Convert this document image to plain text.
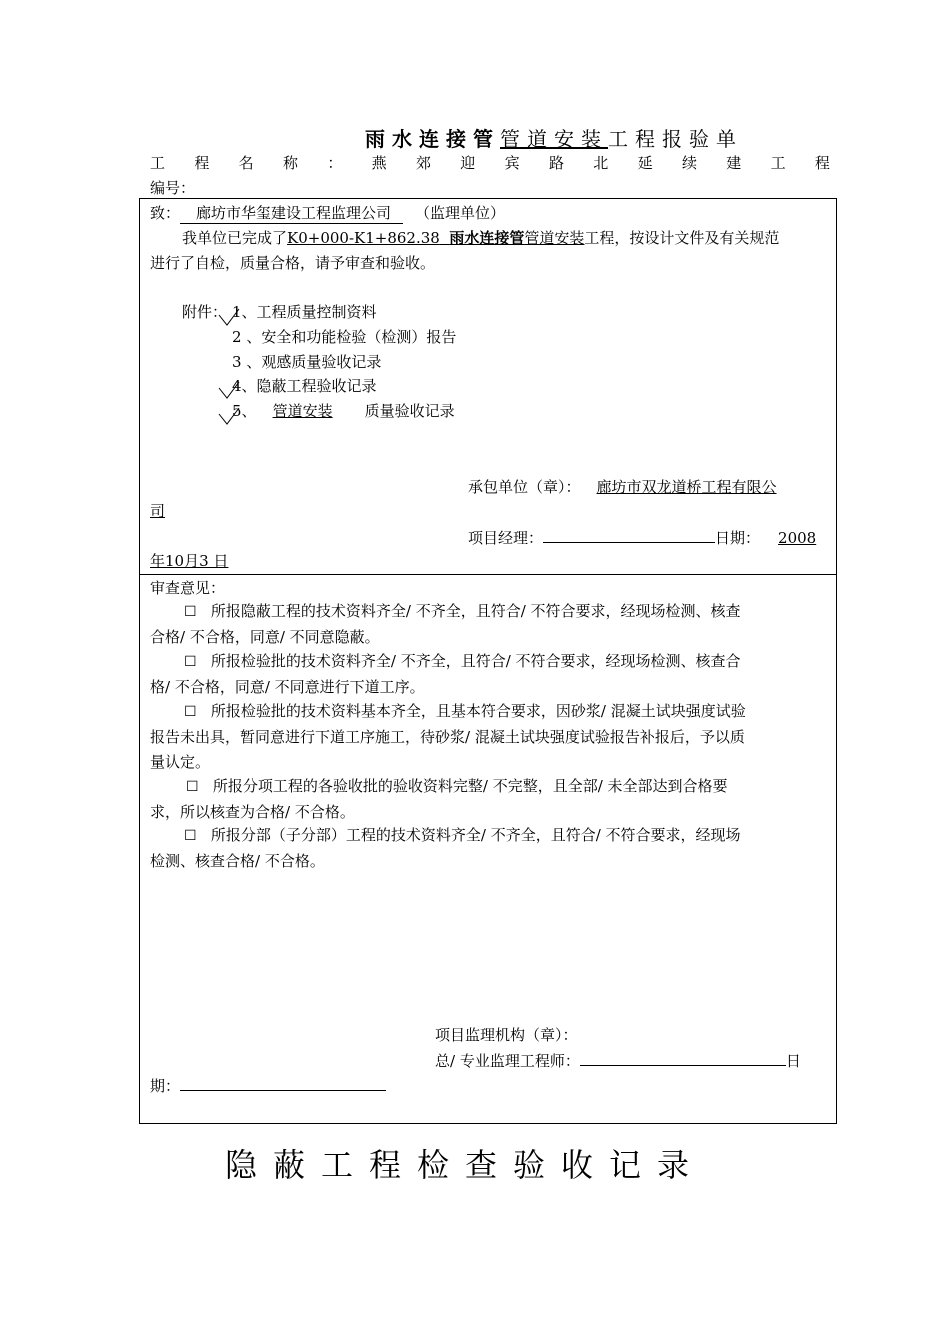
雨水连接管管道安装工程报验单
工 程 名 称 ： 燕 郊 迎 宾 路 北 延 续 建 工 程
编号：
致： 廊坊市华玺建设工程监理公司 （监理单位）
我单位已完成了K0+000-K1+862.38 雨水连接管管道安装工程，按设计文件及有关规范
进行了自检，质量合格，请予审查和验收。
附件： 1、工程质量控制资料
2 、安全和功能检验（检测）报告
3 、观感质量验收记录
4、隐蔽工程验收记录
5、 管道安装 质量验收记录
承包单位（章）： 廊坊市双龙道桥工程有限公
司
项目经理：	日期： 2008
年10月3 日
审查意见：
☐ 所报隐蔽工程的技术资料齐全/ 不齐全，且符合/ 不符合要求，经现场检测、核查
合格/ 不合格，同意/ 不同意隐蔽。
☐ 所报检验批的技术资料齐全/ 不齐全，且符合/ 不符合要求，经现场检测、核查合
格/ 不合格，同意/ 不同意进行下道工序。
☐ 所报检验批的技术资料基本齐全，且基本符合要求，因砂浆/ 混凝土试块强度试验
报告未出具，暂同意进行下道工序施工，待砂浆/ 混凝土试块强度试验报告补报后，予以质
量认定。
☐ 所报分项工程的各验收批的验收资料完整/ 不完整，且全部/ 未全部达到合格要
求，所以核查为合格/ 不合格。
☐ 所报分部（子分部）工程的技术资料齐全/ 不齐全，且符合/ 不符合要求，经现场
检测、核查合格/ 不合格。
项目监理机构（章）：
总/ 专业监理工程师：	日
期：
隐蔽工程检查验收记录
